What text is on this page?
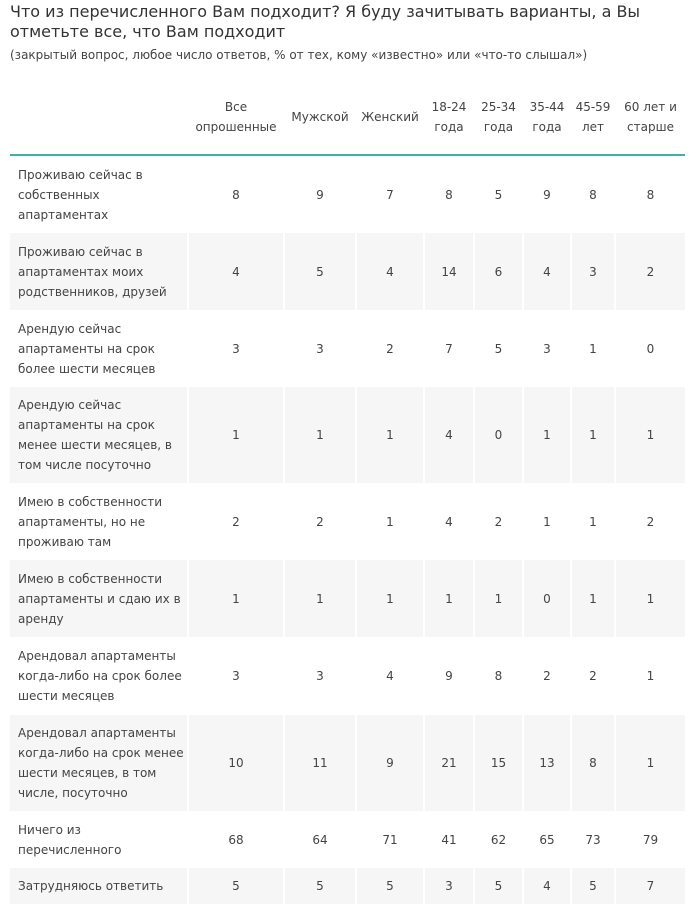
Что из перечисленного Вам подходит? Я буду зачитывать варианты, а Вы отметьте все, что Вам подходит

(закрытый вопрос, любое число ответов, % от тех, кому «известно» или «что-то слышал»)

	Все опрошенные	Мужской	Женский	18-24 года	25-34 года	35-44 года	45-59 лет	60 лет и старше
Проживаю сейчас в собственных апартаментах	8	9	7	8	5	9	8	8
Проживаю сейчас в апартаментах моих родственников, друзей	4	5	4	14	6	4	3	2
Арендую сейчас апартаменты на срок более шести месяцев	3	3	2	7	5	3	1	0
Арендую сейчас апартаменты на срок менее шести месяцев, в том числе посуточно	1	1	1	4	0	1	1	1
Имею в собственности апартаменты, но не проживаю там	2	2	1	4	2	1	1	2
Имею в собственности апартаменты и сдаю их в аренду	1	1	1	1	1	0	1	1
Арендовал апартаменты когда-либо на срок более шести месяцев	3	3	4	9	8	2	2	1
Арендовал апартаменты когда-либо на срок менее шести месяцев, в том числе, посуточно	10	11	9	21	15	13	8	1
Ничего из перечисленного	68	64	71	41	62	65	73	79
Затрудняюсь ответить	5	5	5	3	5	4	5	7
